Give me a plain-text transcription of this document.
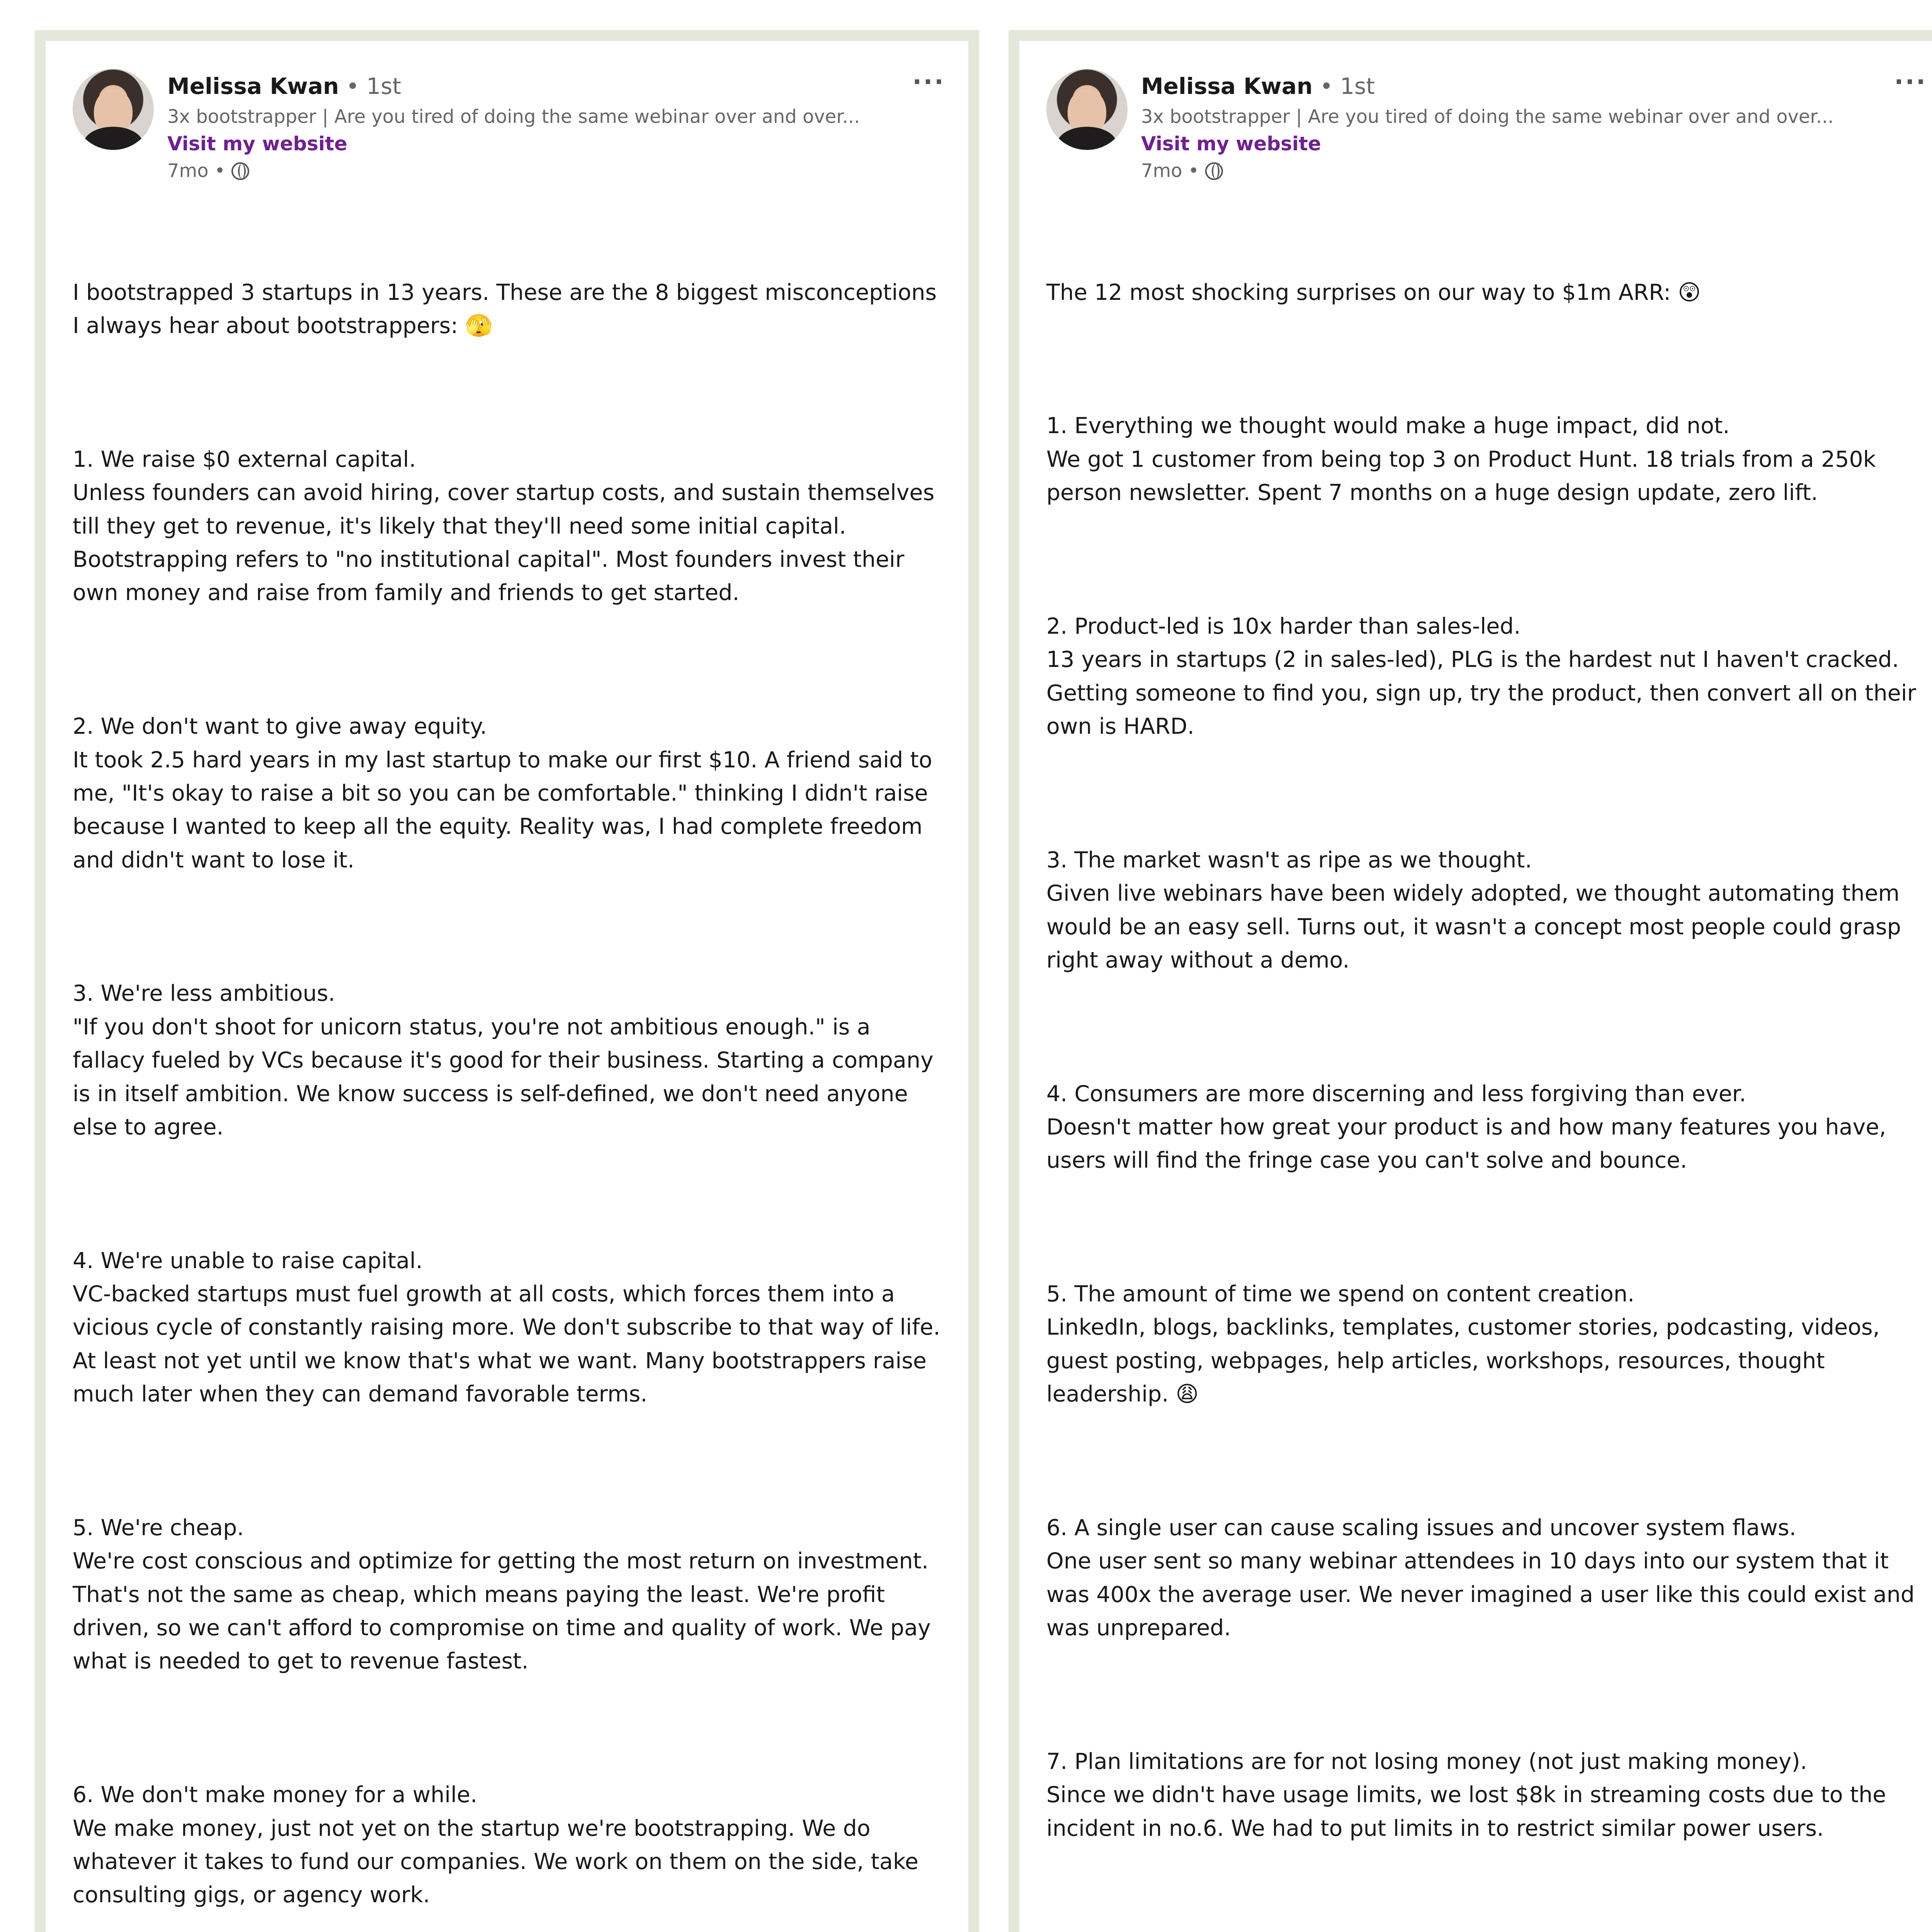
Melissa Kwan • 1st
3x bootstrapper | Are you tired of doing the same webinar over and over...
Visit my website
7mo •
···

I bootstrapped 3 startups in 13 years. These are the 8 biggest misconceptions I always hear about bootstrappers: 🫣

1. We raise $0 external capital.
Unless founders can avoid hiring, cover startup costs, and sustain themselves till they get to revenue, it's likely that they'll need some initial capital. Bootstrapping refers to "no institutional capital". Most founders invest their own money and raise from family and friends to get started.

2. We don't want to give away equity.
It took 2.5 hard years in my last startup to make our first $10. A friend said to me, "It's okay to raise a bit so you can be comfortable." thinking I didn't raise because I wanted to keep all the equity. Reality was, I had complete freedom and didn't want to lose it.

3. We're less ambitious.
"If you don't shoot for unicorn status, you're not ambitious enough." is a fallacy fueled by VCs because it's good for their business. Starting a company is in itself ambition. We know success is self-defined, we don't need anyone else to agree.

4. We're unable to raise capital.
VC-backed startups must fuel growth at all costs, which forces them into a vicious cycle of constantly raising more. We don't subscribe to that way of life. At least not yet until we know that's what we want. Many bootstrappers raise much later when they can demand favorable terms.

5. We're cheap.
We're cost conscious and optimize for getting the most return on investment. That's not the same as cheap, which means paying the least. We're profit driven, so we can't afford to compromise on time and quality of work. We pay what is needed to get to revenue fastest.

6. We don't make money for a while.
We make money, just not yet on the startup we're bootstrapping. We do whatever it takes to fund our companies. We work on them on the side, take consulting gigs, or agency work.

Melissa Kwan • 1st
3x bootstrapper | Are you tired of doing the same webinar over and over...
Visit my website
7mo •
···

The 12 most shocking surprises on our way to $1m ARR: 😲

1. Everything we thought would make a huge impact, did not.
We got 1 customer from being top 3 on Product Hunt. 18 trials from a 250k person newsletter. Spent 7 months on a huge design update, zero lift.

2. Product-led is 10x harder than sales-led.
13 years in startups (2 in sales-led), PLG is the hardest nut I haven't cracked. Getting someone to find you, sign up, try the product, then convert all on their own is HARD.

3. The market wasn't as ripe as we thought.
Given live webinars have been widely adopted, we thought automating them would be an easy sell. Turns out, it wasn't a concept most people could grasp right away without a demo.

4. Consumers are more discerning and less forgiving than ever.
Doesn't matter how great your product is and how many features you have, users will find the fringe case you can't solve and bounce.

5. The amount of time we spend on content creation.
LinkedIn, blogs, backlinks, templates, customer stories, podcasting, videos, guest posting, webpages, help articles, workshops, resources, thought leadership. 😩

6. A single user can cause scaling issues and uncover system flaws.
One user sent so many webinar attendees in 10 days into our system that it was 400x the average user. We never imagined a user like this could exist and was unprepared.

7. Plan limitations are for not losing money (not just making money).
Since we didn't have usage limits, we lost $8k in streaming costs due to the incident in no.6. We had to put limits in to restrict similar power users.
